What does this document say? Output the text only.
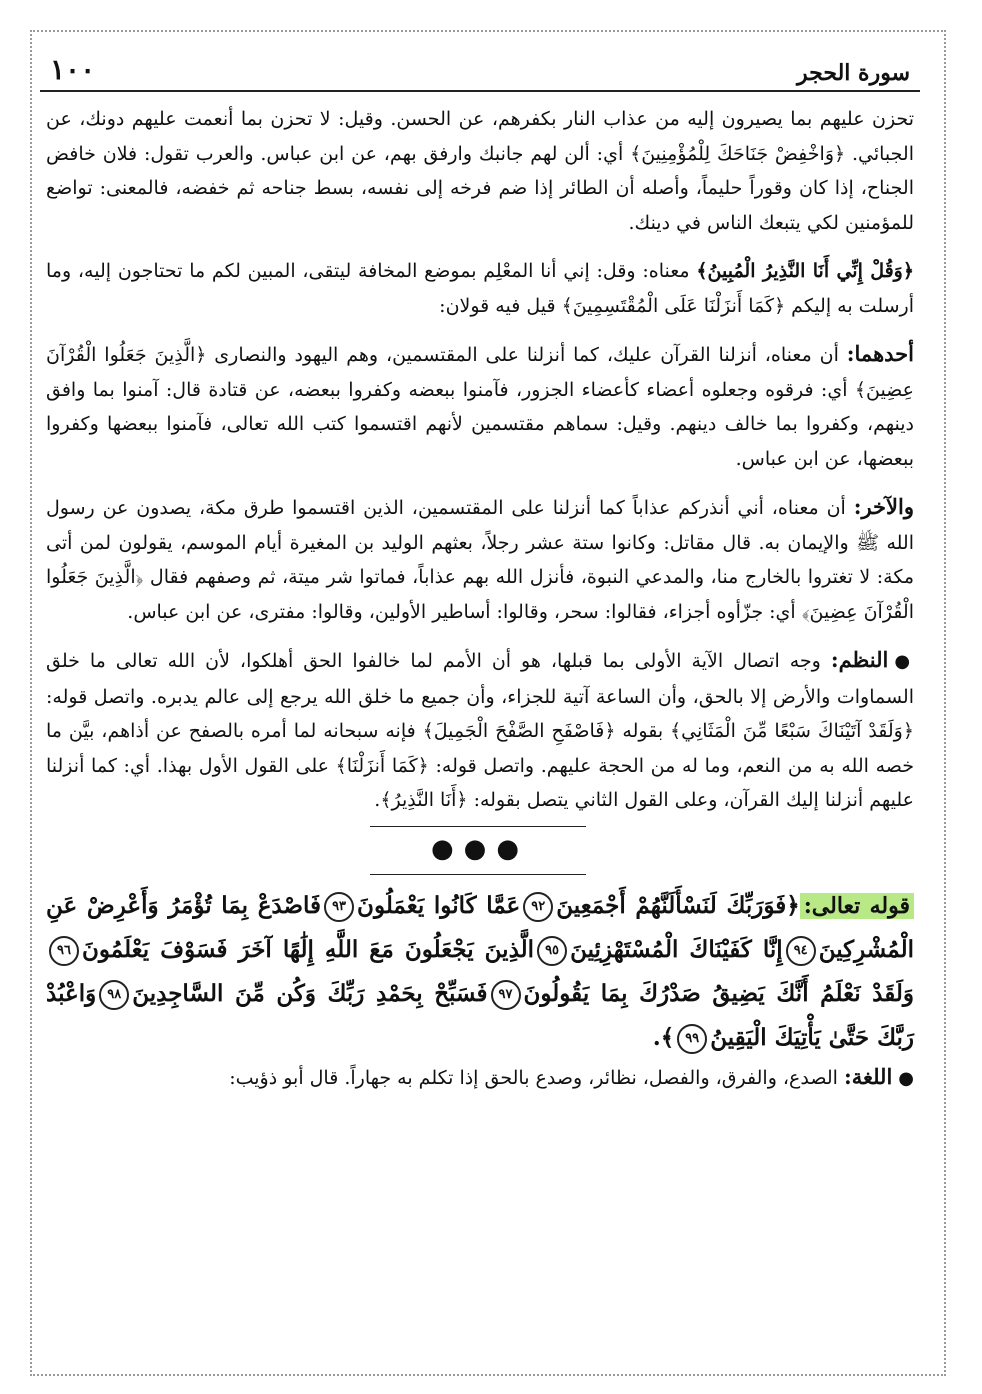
سورة الحجر
١٠٠

تحزن عليهم بما يصيرون إليه من عذاب النار بكفرهم، عن الحسن. وقيل: لا تحزن بما أنعمت عليهم دونك، عن الجبائي. ﴿وَاخْفِضْ جَنَاحَكَ لِلْمُؤْمِنِينَ﴾ أي: ألن لهم جانبك وارفق بهم، عن ابن عباس. والعرب تقول: فلان خافض الجناح، إذا كان وقوراً حليماً، وأصله أن الطائر إذا ضم فرخه إلى نفسه، بسط جناحه ثم خفضه، فالمعنى: تواضع للمؤمنين لكي يتبعك الناس في دينك.

﴿وَقُلْ إِنِّي أَنَا النَّذِيرُ الْمُبِينُ﴾ معناه: وقل: إني أنا المعْلِم بموضع المخافة ليتقى، المبين لكم ما تحتاجون إليه، وما أرسلت به إليكم ﴿كَمَا أَنزَلْنَا عَلَى الْمُقْتَسِمِينَ﴾ قيل فيه قولان:

أحدهما: أن معناه، أنزلنا القرآن عليك، كما أنزلنا على المقتسمين، وهم اليهود والنصارى ﴿الَّذِينَ جَعَلُوا الْقُرْآنَ عِضِينَ﴾ أي: فرقوه وجعلوه أعضاء كأعضاء الجزور، فآمنوا ببعضه وكفروا ببعضه، عن قتادة قال: آمنوا بما وافق دينهم، وكفروا بما خالف دينهم. وقيل: سماهم مقتسمين لأنهم اقتسموا كتب الله تعالى، فآمنوا ببعضها وكفروا ببعضها، عن ابن عباس.

والآخر: أن معناه، أني أنذركم عذاباً كما أنزلنا على المقتسمين، الذين اقتسموا طرق مكة، يصدون عن رسول الله ﷺ والإيمان به. قال مقاتل: وكانوا ستة عشر رجلاً، بعثهم الوليد بن المغيرة أيام الموسم، يقولون لمن أتى مكة: لا تغتروا بالخارج منا، والمدعي النبوة، فأنزل الله بهم عذاباً، فماتوا شر ميتة، ثم وصفهم فقال ﴿الَّذِينَ جَعَلُوا الْقُرْآنَ عِضِينَ﴾ أي: جزّأوه أجزاء، فقالوا: سحر، وقالوا: أساطير الأولين، وقالوا: مفترى، عن ابن عباس.

●النظم: وجه اتصال الآية الأولى بما قبلها، هو أن الأمم لما خالفوا الحق أهلكوا، لأن الله تعالى ما خلق السماوات والأرض إلا بالحق، وأن الساعة آتية للجزاء، وأن جميع ما خلق الله يرجع إلى عالم يدبره. واتصل قوله: ﴿وَلَقَدْ آتَيْنَاكَ سَبْعًا مِّنَ الْمَثَانِي﴾ بقوله ﴿فَاصْفَحِ الصَّفْحَ الْجَمِيلَ﴾ فإنه سبحانه لما أمره بالصفح عن أذاهم، بيَّن ما خصه الله به من النعم، وما له من الحجة عليهم. واتصل قوله: ﴿كَمَا أَنزَلْنَا﴾ على القول الأول بهذا. أي: كما أنزلنا عليهم أنزلنا إليك القرآن، وعلى القول الثاني يتصل بقوله: ﴿أَنَا النَّذِيرُ﴾.

●●●

قوله تعالى:﴿فَوَرَبِّكَ لَنَسْأَلَنَّهُمْ أَجْمَعِينَ٩٢عَمَّا كَانُوا يَعْمَلُونَ٩٣فَاصْدَعْ بِمَا تُؤْمَرُ وَأَعْرِضْ عَنِ الْمُشْرِكِينَ٩٤إِنَّا كَفَيْنَاكَ الْمُسْتَهْزِئِينَ٩٥الَّذِينَ يَجْعَلُونَ مَعَ اللَّهِ إِلَٰهًا آخَرَ فَسَوْفَ يَعْلَمُونَ٩٦وَلَقَدْ نَعْلَمُ أَنَّكَ يَضِيقُ صَدْرُكَ بِمَا يَقُولُونَ٩٧فَسَبِّحْ بِحَمْدِ رَبِّكَ وَكُن مِّنَ السَّاجِدِينَ٩٨وَاعْبُدْ رَبَّكَ حَتَّىٰ يَأْتِيَكَ الْيَقِينُ٩٩﴾.

●اللغة: الصدع، والفرق، والفصل، نظائر، وصدع بالحق إذا تكلم به جهاراً. قال أبو ذؤيب:
